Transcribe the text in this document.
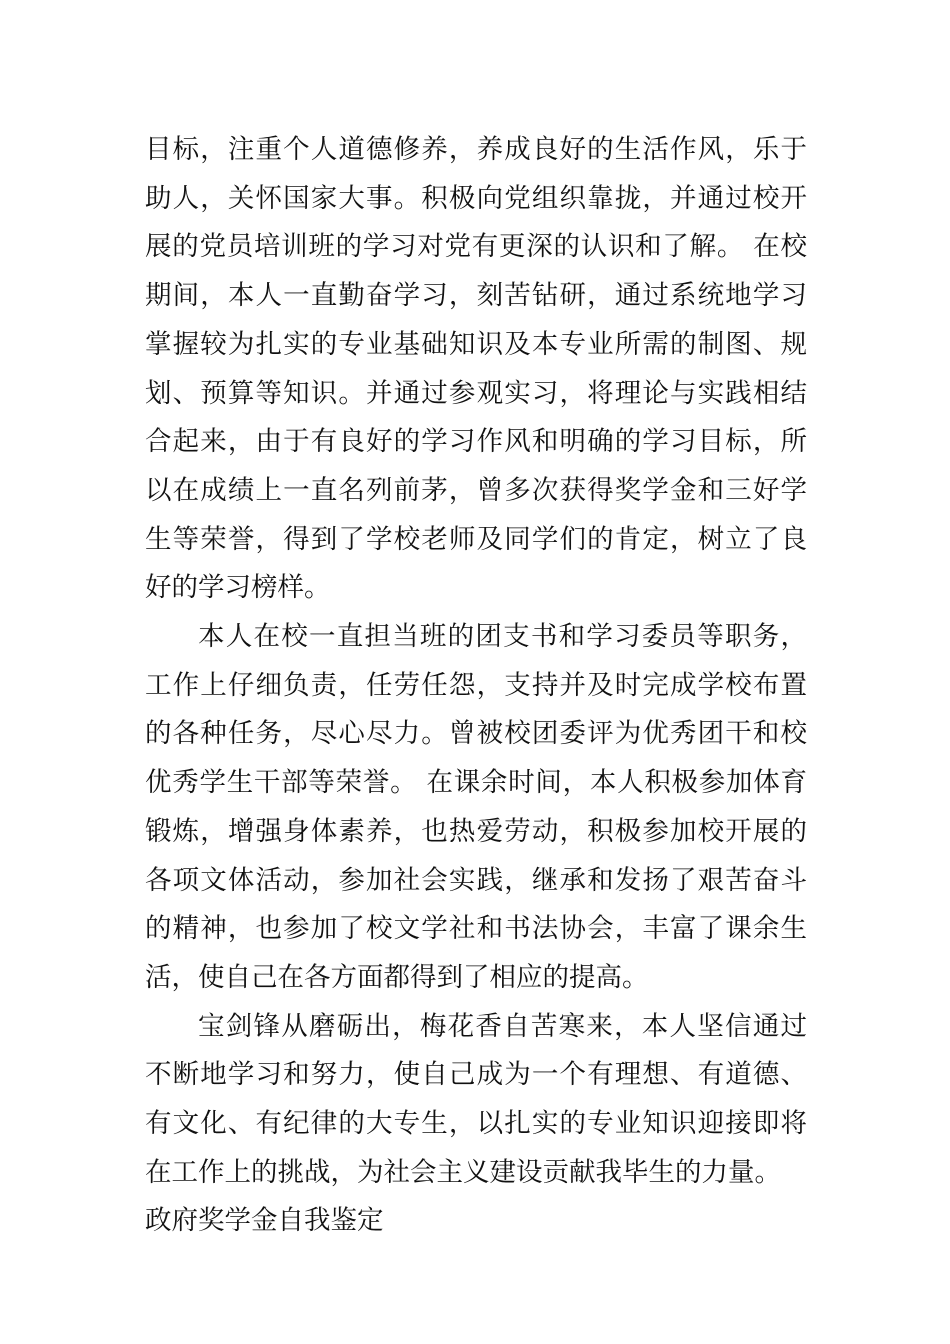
目标，注重个人道德修养，养成良好的生活作风，乐于助人，关怀国家大事。积极向党组织靠拢，并通过校开展的党员培训班的学习对党有更深的认识和了解。 在校期间，本人一直勤奋学习，刻苦钻研，通过系统地学习掌握较为扎实的专业基础知识及本专业所需的制图、规划、预算等知识。并通过参观实习，将理论与实践相结合起来，由于有良好的学习作风和明确的学习目标，所以在成绩上一直名列前茅，曾多次获得奖学金和三好学生等荣誉，得到了学校老师及同学们的肯定，树立了良好的学习榜样。

本人在校一直担当班的团支书和学习委员等职务，工作上仔细负责，任劳任怨，支持并及时完成学校布置的各种任务，尽心尽力。曾被校团委评为优秀团干和校优秀学生干部等荣誉。 在课余时间，本人积极参加体育锻炼，增强身体素养，也热爱劳动，积极参加校开展的各项文体活动，参加社会实践，继承和发扬了艰苦奋斗的精神，也参加了校文学社和书法协会，丰富了课余生活，使自己在各方面都得到了相应的提高。

宝剑锋从磨砺出，梅花香自苦寒来，本人坚信通过不断地学习和努力，使自己成为一个有理想、有道德、有文化、有纪律的大专生，以扎实的专业知识迎接即将在工作上的挑战，为社会主义建设贡献我毕生的力量。

政府奖学金自我鉴定
